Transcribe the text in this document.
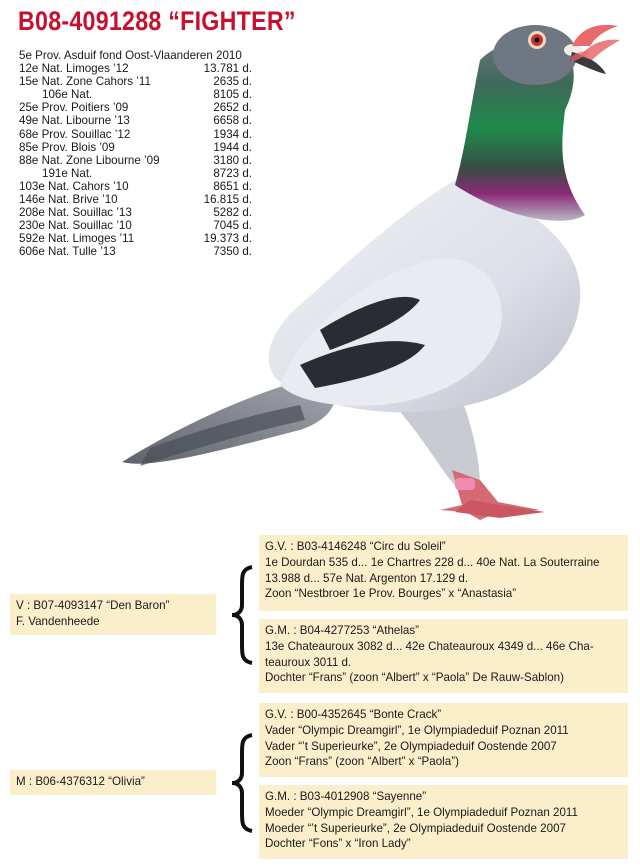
B08-4091288 “FIGHTER”
5e Prov. Asduif fond Oost-Vlaanderen 2010
12e Nat. Limoges ’12	13.781 d.
15e Nat. Zone Cahors ’11	2635 d.
106e Nat.	8105 d.
25e Prov. Poitiers ’09	2652 d.
49e Nat. Libourne ’13	6658 d.
68e Prov. Souillac ’12	1934 d.
85e Prov. Blois ’09	1944 d.
88e Nat. Zone Libourne ’09	3180 d.
191e Nat.	8723 d.
103e Nat. Cahors ’10	8651 d.
146e Nat. Brive ’10	16.815 d.
208e Nat. Souillac ’13	5282 d.
230e Nat. Souillac ’10	7045 d.
592e Nat. Limoges ’11	19.373 d.
606e Nat. Tulle ’13	7350 d.
V : B07-4093147 “Den Baron”
F. Vandenheede
G.V. : B03-4146248 “Circ du Soleil”
1e Dourdan 535 d... 1e Chartres 228 d... 40e Nat. La Souterraine
13.988 d... 57e Nat. Argenton 17.129 d.
Zoon “Nestbroer 1e Prov. Bourges” x “Anastasia”
G.M. : B04-4277253 “Athelas”
13e Chateauroux 3082 d... 42e Chateauroux 4349 d... 46e Cha-
teauroux 3011 d.
Dochter “Frans” (zoon “Albert” x “Paola” De Rauw-Sablon)
M : B06-4376312 “Olivia”
G.V. : B00-4352645 “Bonte Crack”
Vader “Olympic Dreamgirl”, 1e Olympiadeduif Poznan 2011
Vader “’t Superieurke”, 2e Olympiadeduif Oostende 2007
Zoon “Frans” (zoon “Albert” x “Paola”)
G.M. : B03-4012908 “Sayenne”
Moeder “Olympic Dreamgirl”, 1e Olympiadeduif Poznan 2011
Moeder “’t Superieurke”, 2e Olympiadeduif Oostende 2007
Dochter “Fons” x “Iron Lady”
